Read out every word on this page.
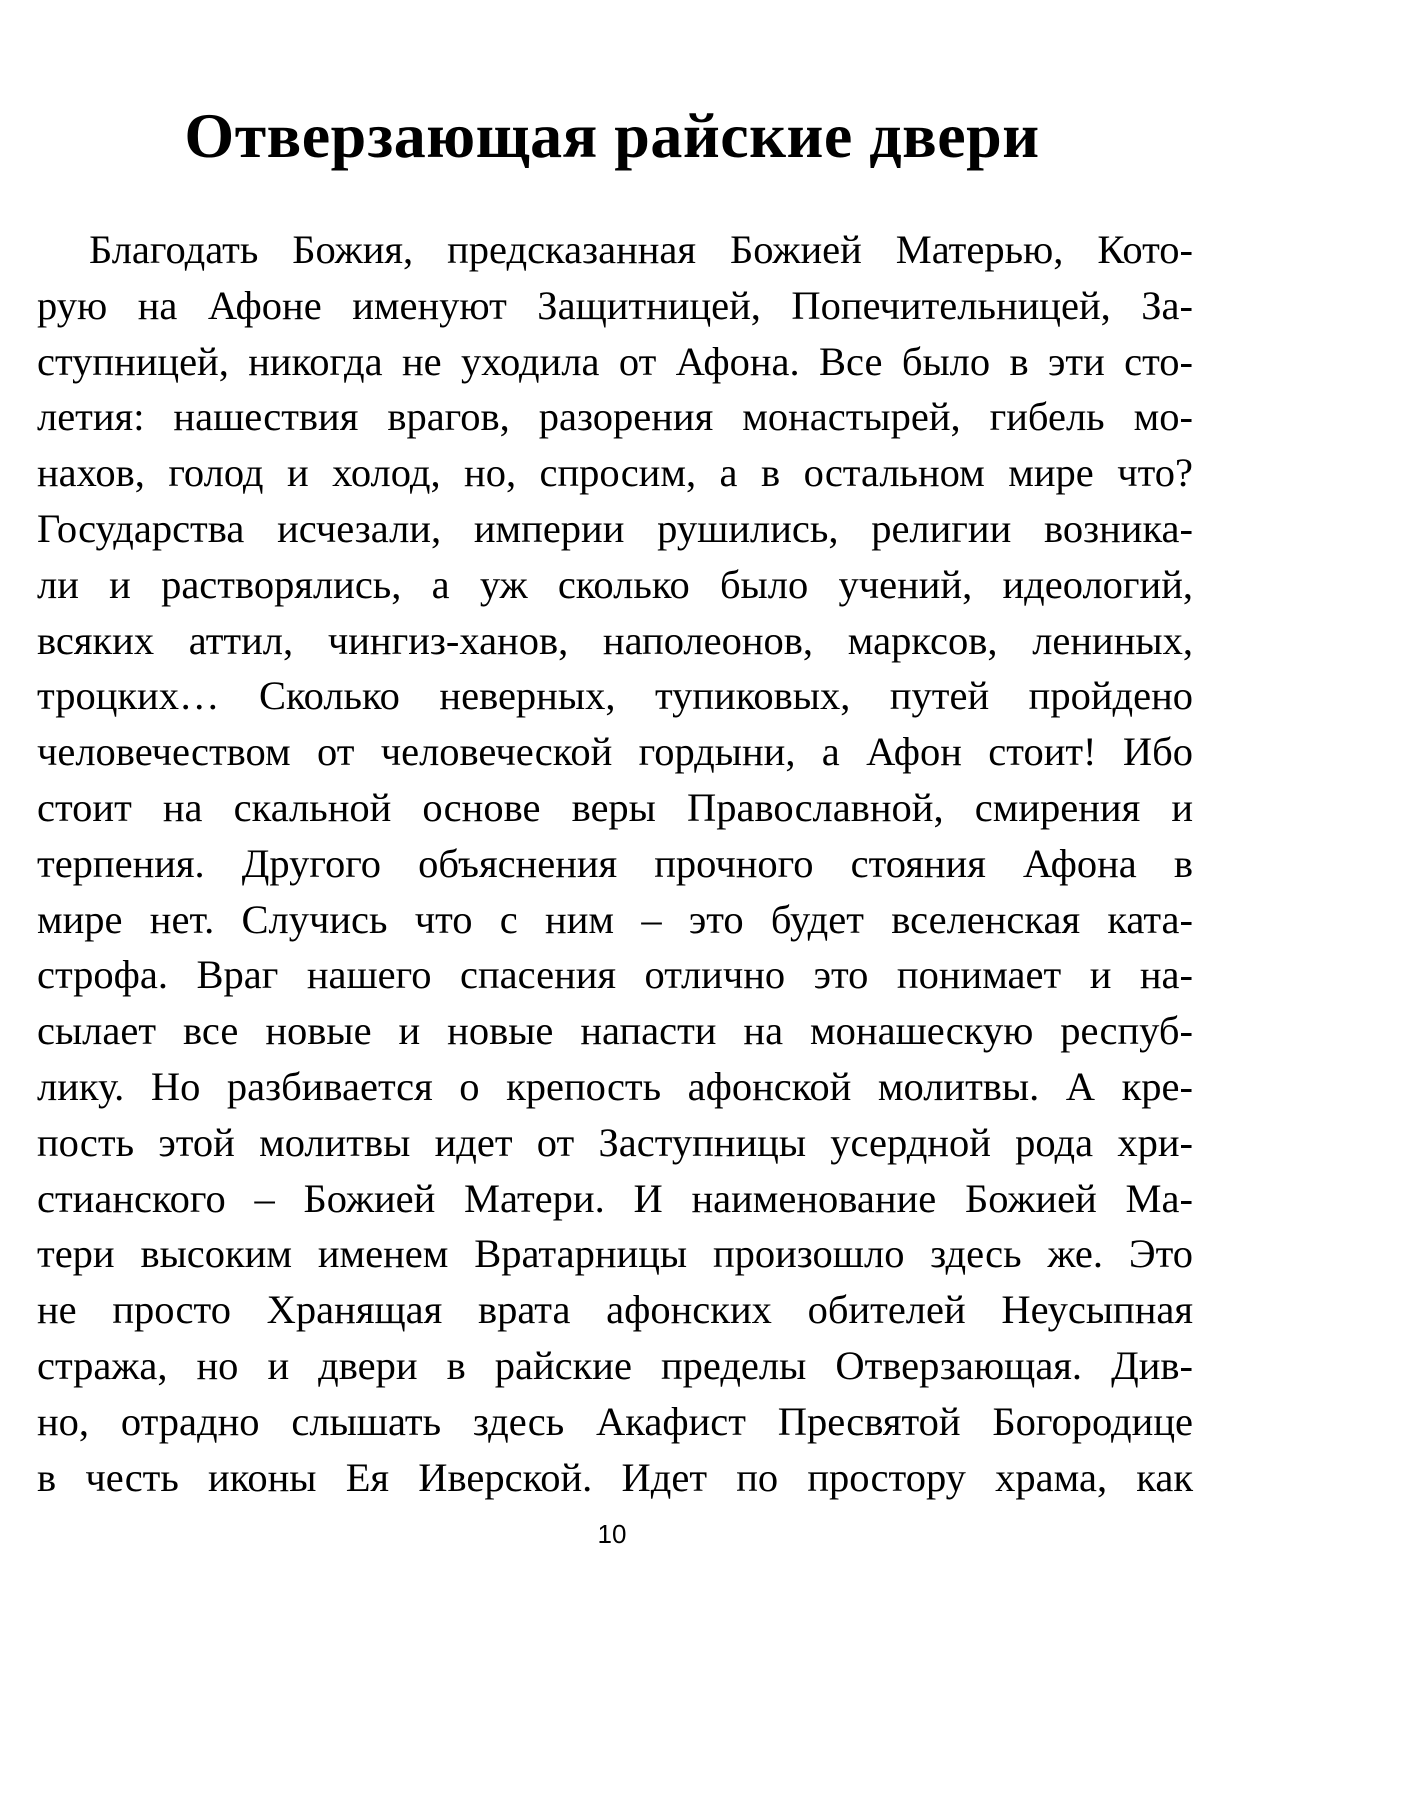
Отверзающая райские двери
Благодать Божия, предсказанная Божией Матерью, Кото-
рую на Афоне именуют Защитницей, Попечительницей, За-
ступницей, никогда не уходила от Афона. Все было в эти сто-
летия: нашествия врагов, разорения монастырей, гибель мо-
нахов, голод и холод, но, спросим, а в остальном мире что?
Государства исчезали, империи рушились, религии возника-
ли и растворялись, а уж сколько было учений, идеологий,
всяких аттил, чингиз-ханов, наполеонов, марксов, лениных,
троцких… Сколько неверных, тупиковых, путей пройдено
человечеством от человеческой гордыни, а Афон стоит! Ибо
стоит на скальной основе веры Православной, смирения и
терпения. Другого объяснения прочного стояния Афона в
мире нет. Случись что с ним – это будет вселенская ката-
строфа. Враг нашего спасения отлично это понимает и на-
сылает все новые и новые напасти на монашескую респуб-
лику. Но разбивается о крепость афонской молитвы. А кре-
пость этой молитвы идет от Заступницы усердной рода хри-
стианского – Божией Матери. И наименование Божией Ма-
тери высоким именем Вратарницы произошло здесь же. Это
не просто Хранящая врата афонских обителей Неусыпная
стража, но и двери в райские пределы Отверзающая. Див-
но, отрадно слышать здесь Акафист Пресвятой Богородице
в честь иконы Ея Иверской. Идет по простору храма, как
10
